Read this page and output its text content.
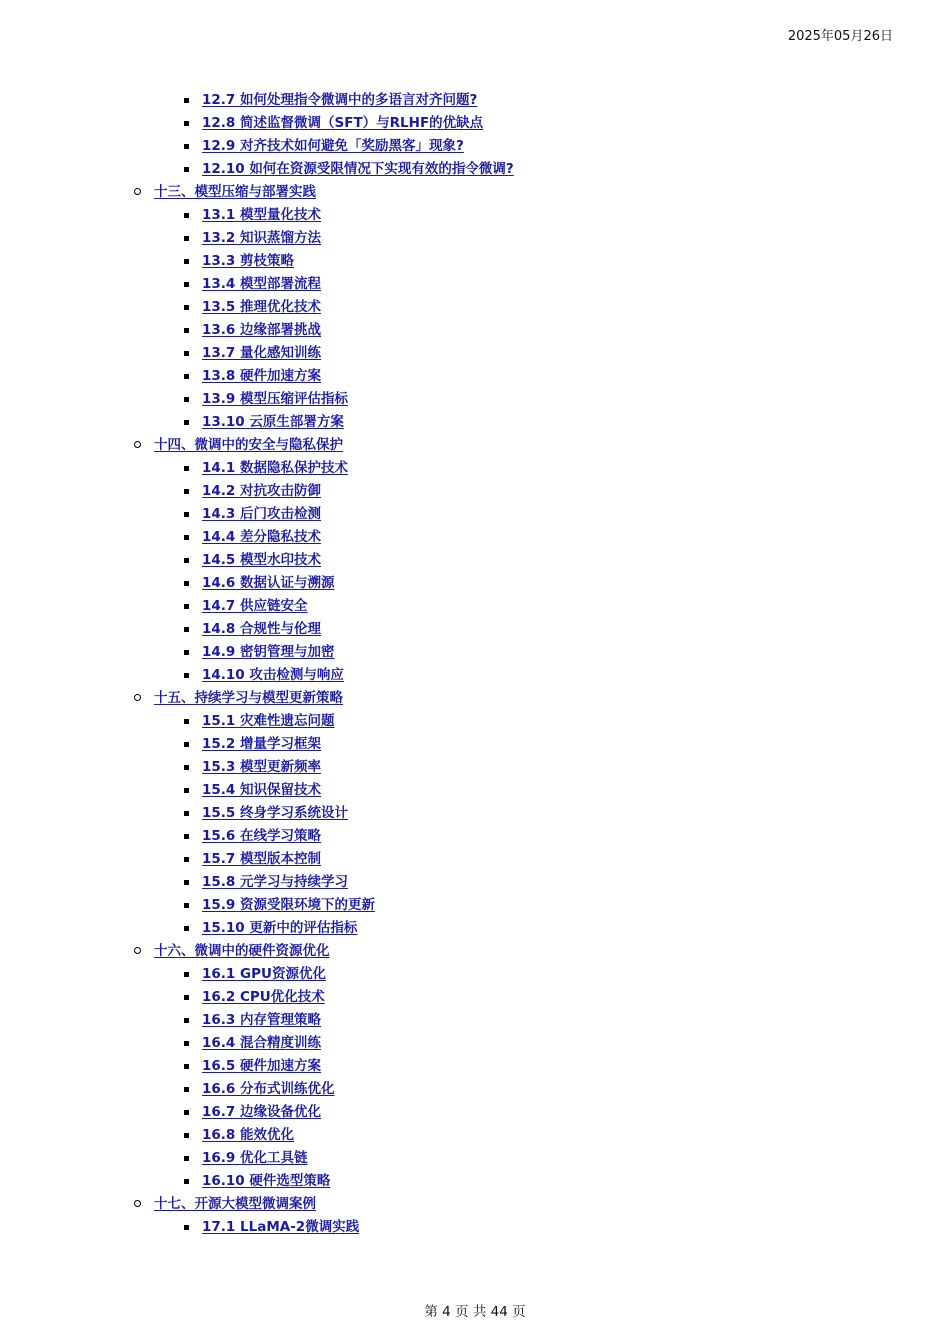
2025年05月26日
12.7 如何处理指令微调中的多语言对齐问题?
12.8 简述监督微调（SFT）与RLHF的优缺点
12.9 对齐技术如何避免「奖励黑客」现象?
12.10 如何在资源受限情况下实现有效的指令微调?
十三、模型压缩与部署实践
13.1 模型量化技术
13.2 知识蒸馏方法
13.3 剪枝策略
13.4 模型部署流程
13.5 推理优化技术
13.6 边缘部署挑战
13.7 量化感知训练
13.8 硬件加速方案
13.9 模型压缩评估指标
13.10 云原生部署方案
十四、微调中的安全与隐私保护
14.1 数据隐私保护技术
14.2 对抗攻击防御
14.3 后门攻击检测
14.4 差分隐私技术
14.5 模型水印技术
14.6 数据认证与溯源
14.7 供应链安全
14.8 合规性与伦理
14.9 密钥管理与加密
14.10 攻击检测与响应
十五、持续学习与模型更新策略
15.1 灾难性遗忘问题
15.2 增量学习框架
15.3 模型更新频率
15.4 知识保留技术
15.5 终身学习系统设计
15.6 在线学习策略
15.7 模型版本控制
15.8 元学习与持续学习
15.9 资源受限环境下的更新
15.10 更新中的评估指标
十六、微调中的硬件资源优化
16.1 GPU资源优化
16.2 CPU优化技术
16.3 内存管理策略
16.4 混合精度训练
16.5 硬件加速方案
16.6 分布式训练优化
16.7 边缘设备优化
16.8 能效优化
16.9 优化工具链
16.10 硬件选型策略
十七、开源大模型微调案例
17.1 LLaMA-2微调实践
第 4 页 共 44 页
